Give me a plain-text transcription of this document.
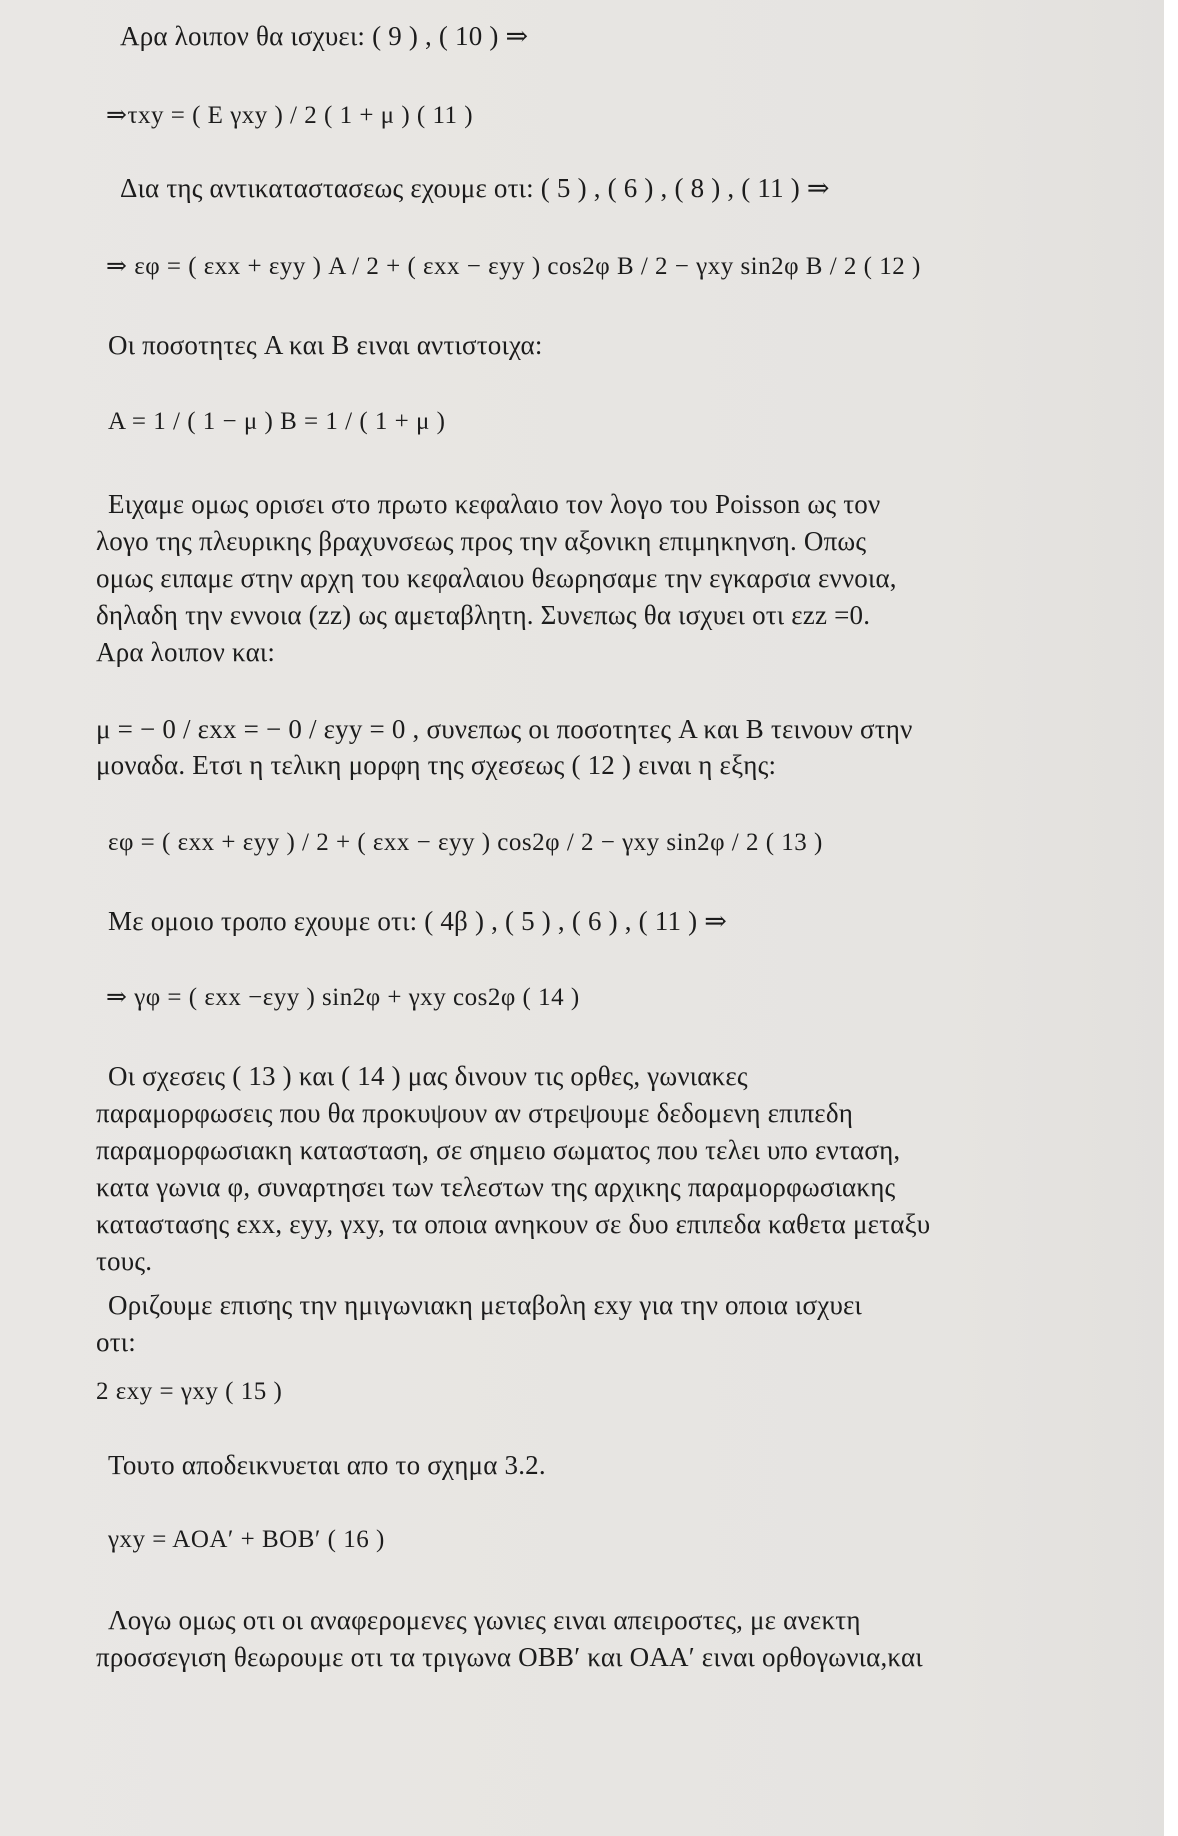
Αρα λοιπον θα ισχυει: ( 9 ) , ( 10 ) ⇒
⇒τxy = ( E γxy ) / 2 ( 1 + μ ) ( 11 )
Δια της αντικαταστασεως εχουμε οτι: ( 5 ) , ( 6 ) , ( 8 ) , ( 11 ) ⇒
⇒ εφ = ( εxx + εyy ) A / 2 + ( εxx − εyy ) cos2φ B / 2 − γxy sin2φ B / 2 ( 12 )
Οι ποσοτητες A και B ειναι αντιστοιχα:
A = 1 / ( 1 − μ ) B = 1 / ( 1 + μ )
Ειχαμε ομως ορισει στο πρωτο κεφαλαιο τον λογο του Poisson ως τον
λογο της πλευρικης βραχυνσεως προς την αξονικη επιμηκηνση. Οπως
ομως ειπαμε στην αρχη του κεφαλαιου θεωρησαμε την εγκαρσια εννοια,
δηλαδη την εννοια (zz) ως αμεταβλητη. Συνεπως θα ισχυει οτι εzz =0.
Αρα λοιπον και:
μ = − 0 / εxx = − 0 / εyy = 0 , συνεπως οι ποσοτητες A και B τεινουν στην
μοναδα. Ετσι η τελικη μορφη της σχεσεως ( 12 ) ειναι η εξης:
εφ = ( εxx + εyy ) / 2 + ( εxx − εyy ) cos2φ / 2 − γxy sin2φ / 2 ( 13 )
Με ομοιο τροπο εχουμε οτι: ( 4β ) , ( 5 ) , ( 6 ) , ( 11 ) ⇒
⇒ γφ = ( εxx −εyy ) sin2φ + γxy cos2φ ( 14 )
Οι σχεσεις ( 13 ) και ( 14 ) μας δινουν τις ορθες, γωνιακες
παραμορφωσεις που θα προκυψουν αν στρεψουμε δεδομενη επιπεδη
παραμορφωσιακη κατασταση, σε σημειο σωματος που τελει υπο ενταση,
κατα γωνια φ, συναρτησει των τελεστων της αρχικης παραμορφωσιακης
καταστασης εxx, εyy, γxy, τα οποια ανηκουν σε δυο επιπεδα καθετα μεταξυ
τους.
Οριζουμε επισης την ημιγωνιακη μεταβολη εxy για την οποια ισχυει
οτι:
2 εxy = γxy ( 15 )
Τουτο αποδεικνυεται απο το σχημα 3.2.
γxy = AOA′ + BOB′ ( 16 )
Λογω ομως οτι οι αναφερομενες γωνιες ειναι απειροστες, με ανεκτη
προσσεγιση θεωρουμε οτι τα τριγωνα OBB′ και OAA′ ειναι ορθογωνια,και
